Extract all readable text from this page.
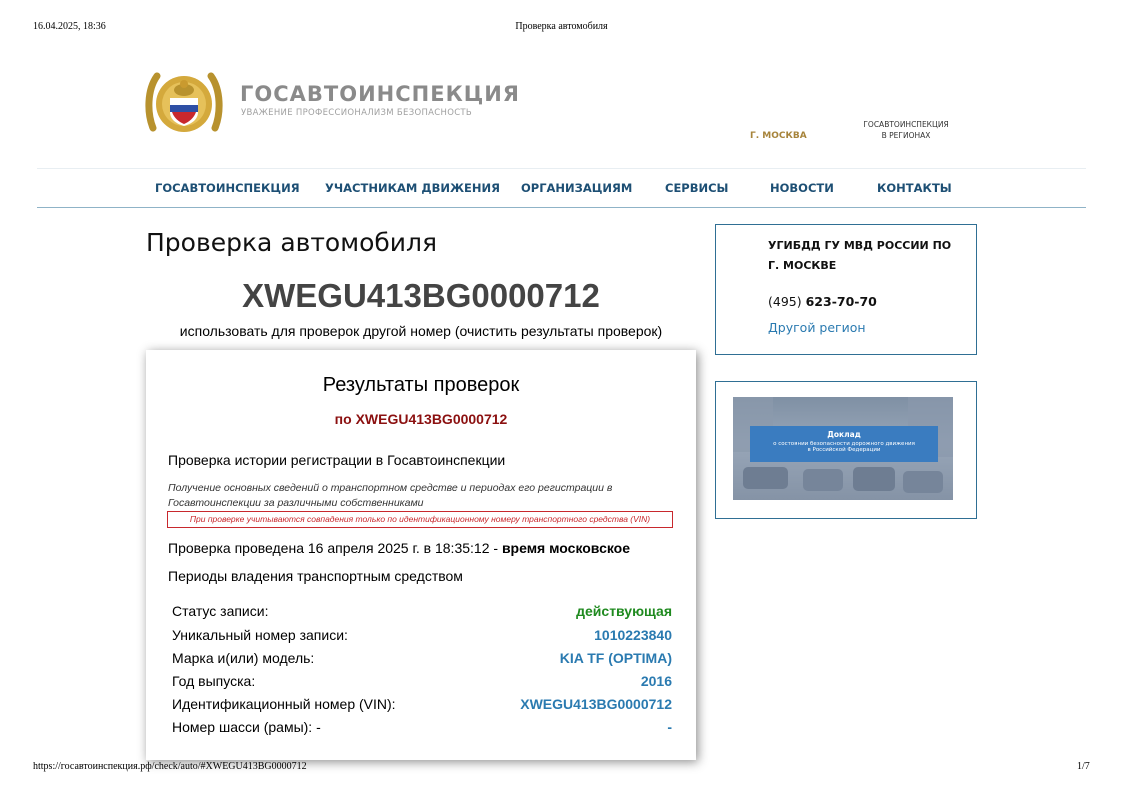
16.04.2025, 18:36	Проверка автомобиля
ГОСАВТОИНСПЕКЦИЯ
УВАЖЕНИЕ ПРОФЕССИОНАЛИЗМ БЕЗОПАСНОСТЬ
Г. МОСКВА
ГОСАВТОИНСПЕКЦИЯ
В РЕГИОНАХ
ГОСАВТОИНСПЕКЦИЯ УЧАСТНИКАМ ДВИЖЕНИЯ ОРГАНИЗАЦИЯМ	СЕРВИСЫ	НОВОСТИ	КОНТАКТЫ
Проверка автомобиля
XWEGU413BG0000712
использовать для проверок другой номер (очистить результаты проверок)
Результаты проверок
по XWEGU413BG0000712
Проверка истории регистрации в Госавтоинспекции
Получение основных сведений о транспортном средстве и периодах его регистрации в Госавтоинспекции за различными собственниками
При проверке учитываются совпадения только по идентификационному номеру транспортного средства (VIN)
Проверка проведена 16 апреля 2025 г. в 18:35:12 - время московское
Периоды владения транспортным средством
Статус записи:	действующая
Уникальный номер записи:	1010223840
Марка и(или) модель:	KIA TF (OPTIMA)
Год выпуска:	2016
Идентификационный номер (VIN):	XWEGU413BG0000712
Номер шасси (рамы): -	-
УГИБДД ГУ МВД РОССИИ ПО Г. МОСКВЕ
(495) 623-70-70
Другой регион
Доклад
о состоянии безопасности дорожного движения
в Российской Федерации
https://госавтоинспекция.рф/check/auto/#XWEGU413BG0000712	1/7
